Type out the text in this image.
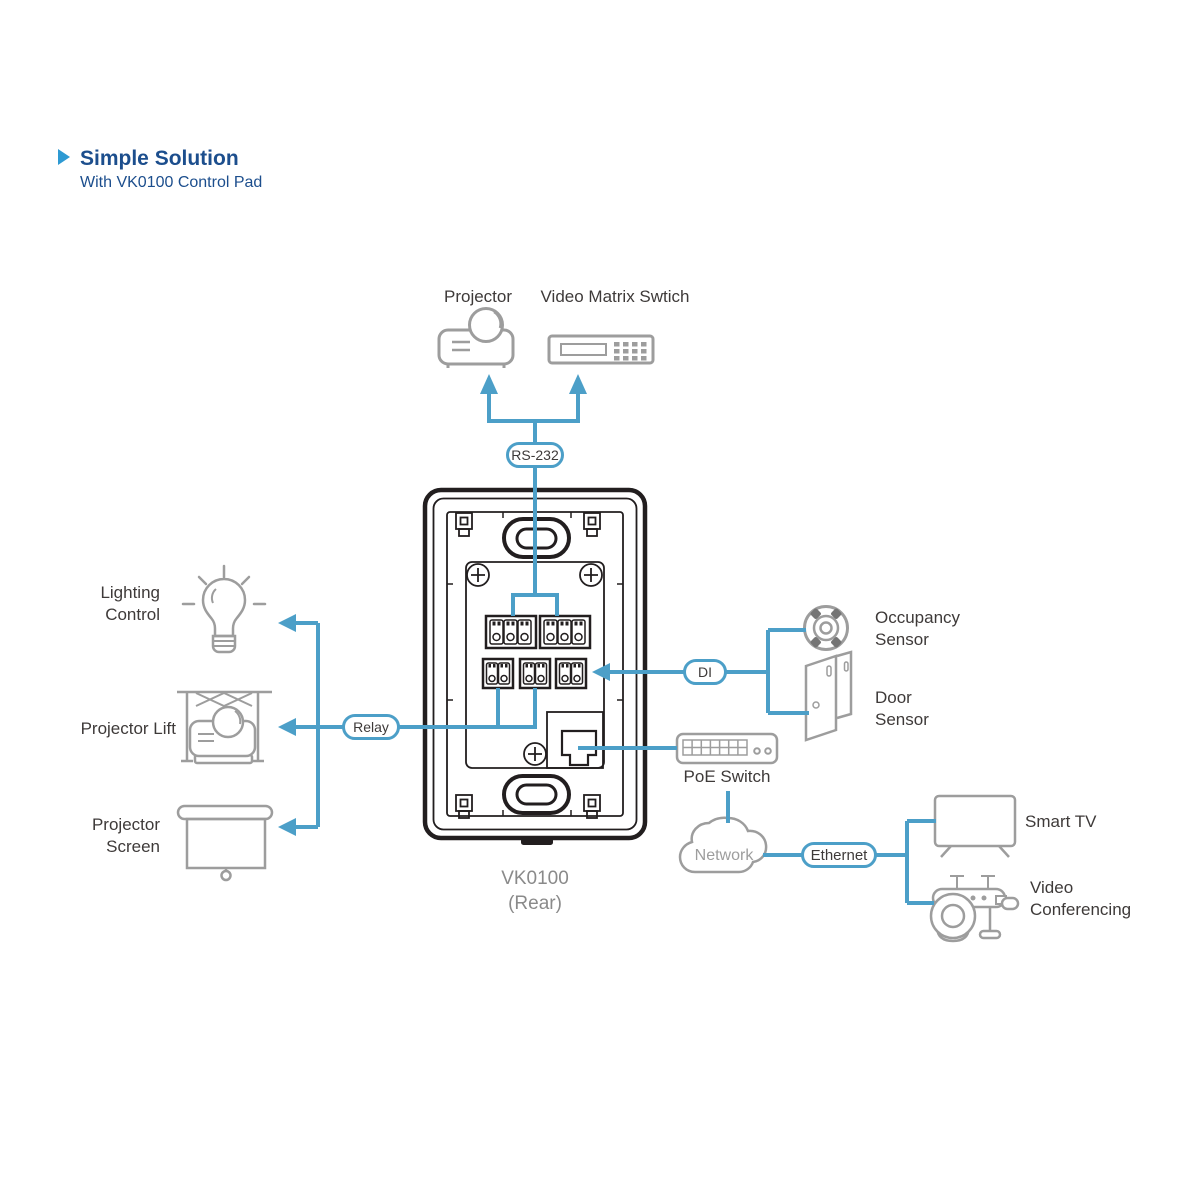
Simple Solution
With VK0100 Control Pad
Projector	Video Matrix Swtich
Lighting
Control
Projector Lift
Projector
Screen
Occupancy
Sensor
Door
Sensor
PoE Switch
Network
Smart TV
Video
Conferencing
VK0100
(Rear)
RS-232
Relay
DI
Ethernet
